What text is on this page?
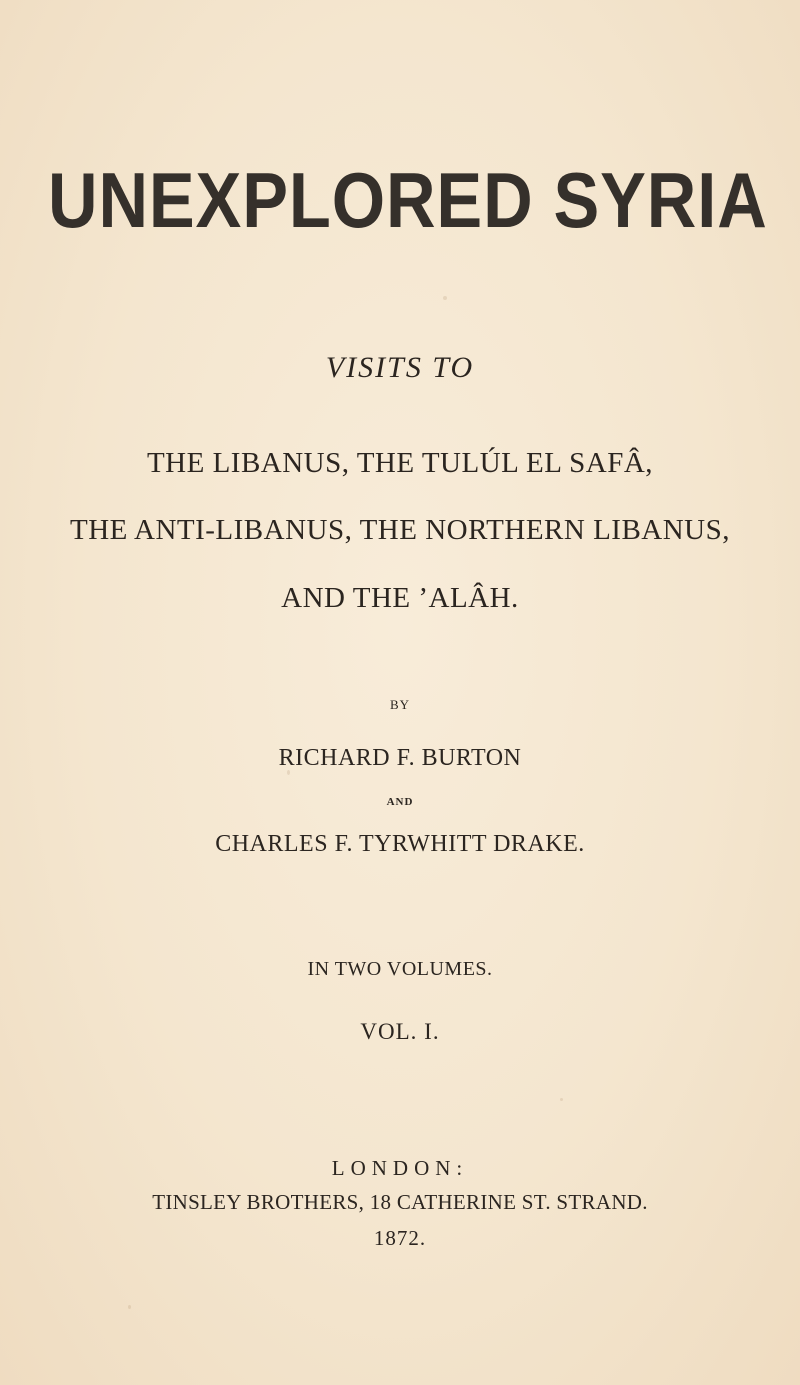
UNEXPLORED SYRIA
VISITS TO
THE LIBANUS, THE TULÚL EL SAFÂ,
THE ANTI-LIBANUS, THE NORTHERN LIBANUS,
AND THE ’ALÂH.
BY
RICHARD F. BURTON
AND
CHARLES F. TYRWHITT DRAKE.
IN TWO VOLUMES.
VOL. I.
LONDON:
TINSLEY BROTHERS, 18 CATHERINE ST. STRAND.
1872.
